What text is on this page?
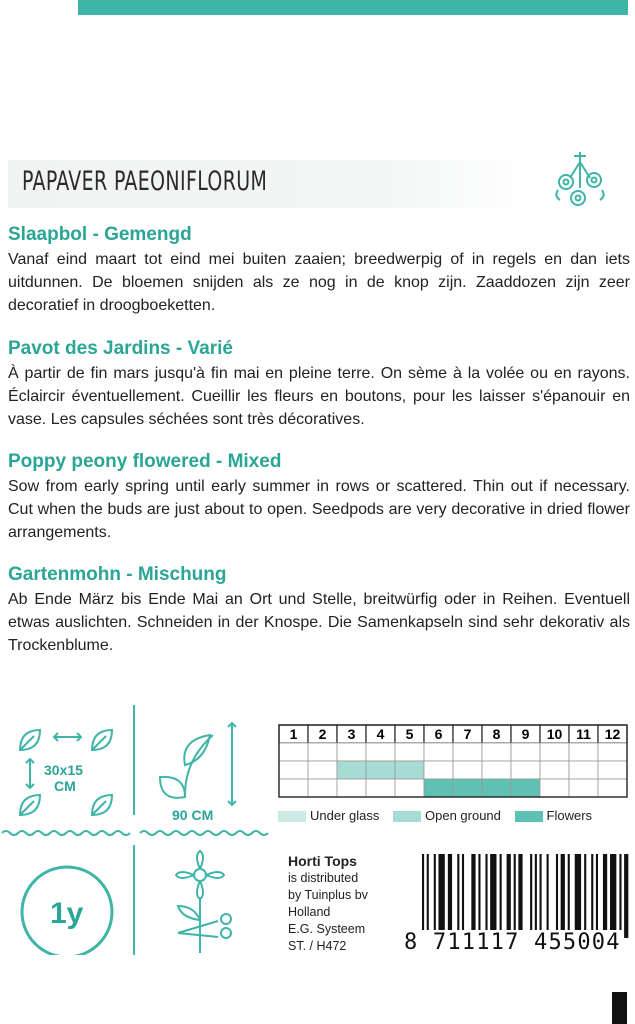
PAPAVER PAEONIFLORUM
Slaapbol - Gemengd

Vanaf eind maart tot eind mei buiten zaaien; breedwerpig of in regels en dan iets uitdunnen. De bloemen snijden als ze nog in de knop zijn. Zaaddozen zijn zeer decoratief in droogboeketten.

Pavot des Jardins - Varié

À partir de fin mars jusqu'à fin mai en pleine terre. On sème à la volée ou en rayons. Éclaircir éventuellement. Cueillir les fleurs en boutons, pour les laisser s'épanouir en vase. Les capsules séchées sont très décoratives.

Poppy peony flowered - Mixed

Sow from early spring until early summer in rows or scattered. Thin out if necessary. Cut when the buds are just about to open. Seedpods are very decorative in dried flower arrangements.

Gartenmohn - Mischung

Ab Ende März bis Ende Mai an Ort und Stelle, breitwürfig oder in Reihen. Eventuell etwas auslichten. Schneiden in der Knospe. Die Samenkapseln sind sehr dekorativ als Trockenblume.

30x15
CM
90 CM
1y
1 2 3 4 5 6 7 8 9 10 11 12
Under glass	Open ground	Flowers
Horti Tops
is distributed
by Tuinplus bv
Holland
E.G. Systeem
ST. / H472	8 711117 455004
